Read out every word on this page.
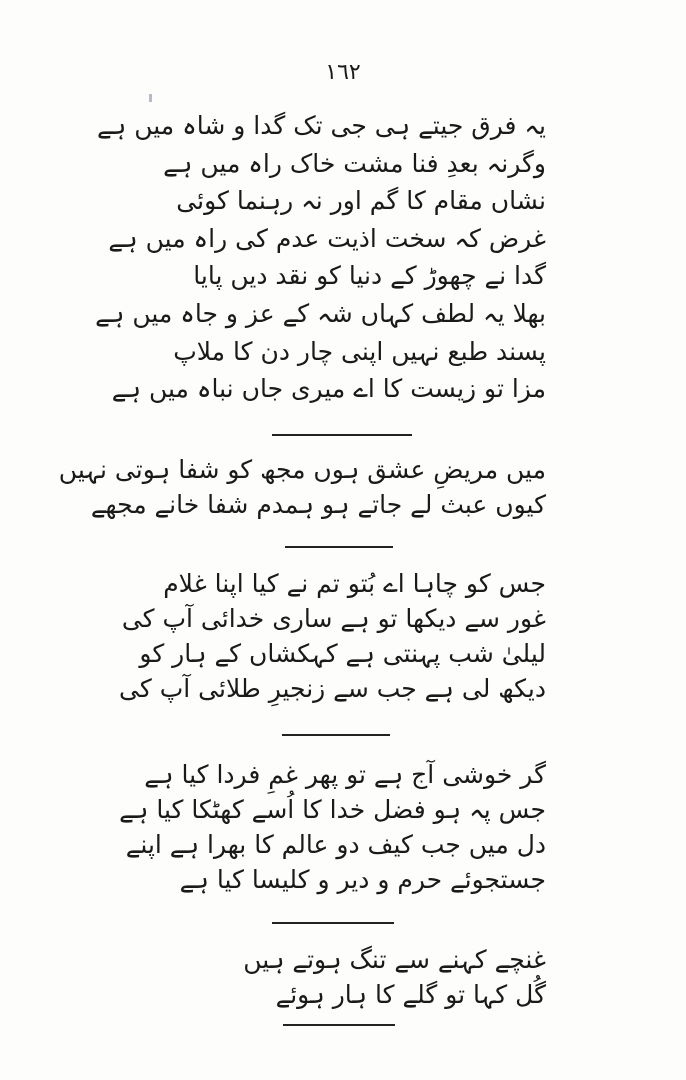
١٦٢
یہ فرق جیتے ہی جی تک گدا و شاہ میں ہے
وگرنہ بعدِ فنا مشت خاک راہ میں ہے
نشاں مقام کا گم اور نہ رہنما کوئی
غرض کہ سخت اذیت عدم کی راہ میں ہے
گدا نے چھوڑ کے دنیا کو نقد دیں پایا
بھلا یہ لطف کہاں شہ کے عز و جاہ میں ہے
پسند طبع نہیں اپنی چار دن کا ملاپ
مزا تو زیست کا اے میری جاں نباہ میں ہے
میں مریضِ عشق ہوں مجھ کو شفا ہوتی نہیں
کیوں عبث لے جاتے ہو ہمدم شفا خانے مجھے
جس کو چاہا اے بُتو تم نے کیا اپنا غلام
غور سے دیکھا تو ہے ساری خدائی آپ کی
لیلیٰ شب پہنتی ہے کہکشاں کے ہار کو
دیکھ لی ہے جب سے زنجیرِ طلائی آپ کی
گر خوشی آج ہے تو پھر غمِ فردا کیا ہے
جس پہ ہو فضل خدا کا اُسے کھٹکا کیا ہے
دل میں جب کیف دو عالم کا بھرا ہے اپنے
جستجوئے حرم و دیر و کلیسا کیا ہے
غنچے کہنے سے تنگ ہوتے ہیں
گُل کہا تو گلے کا ہار ہوئے
